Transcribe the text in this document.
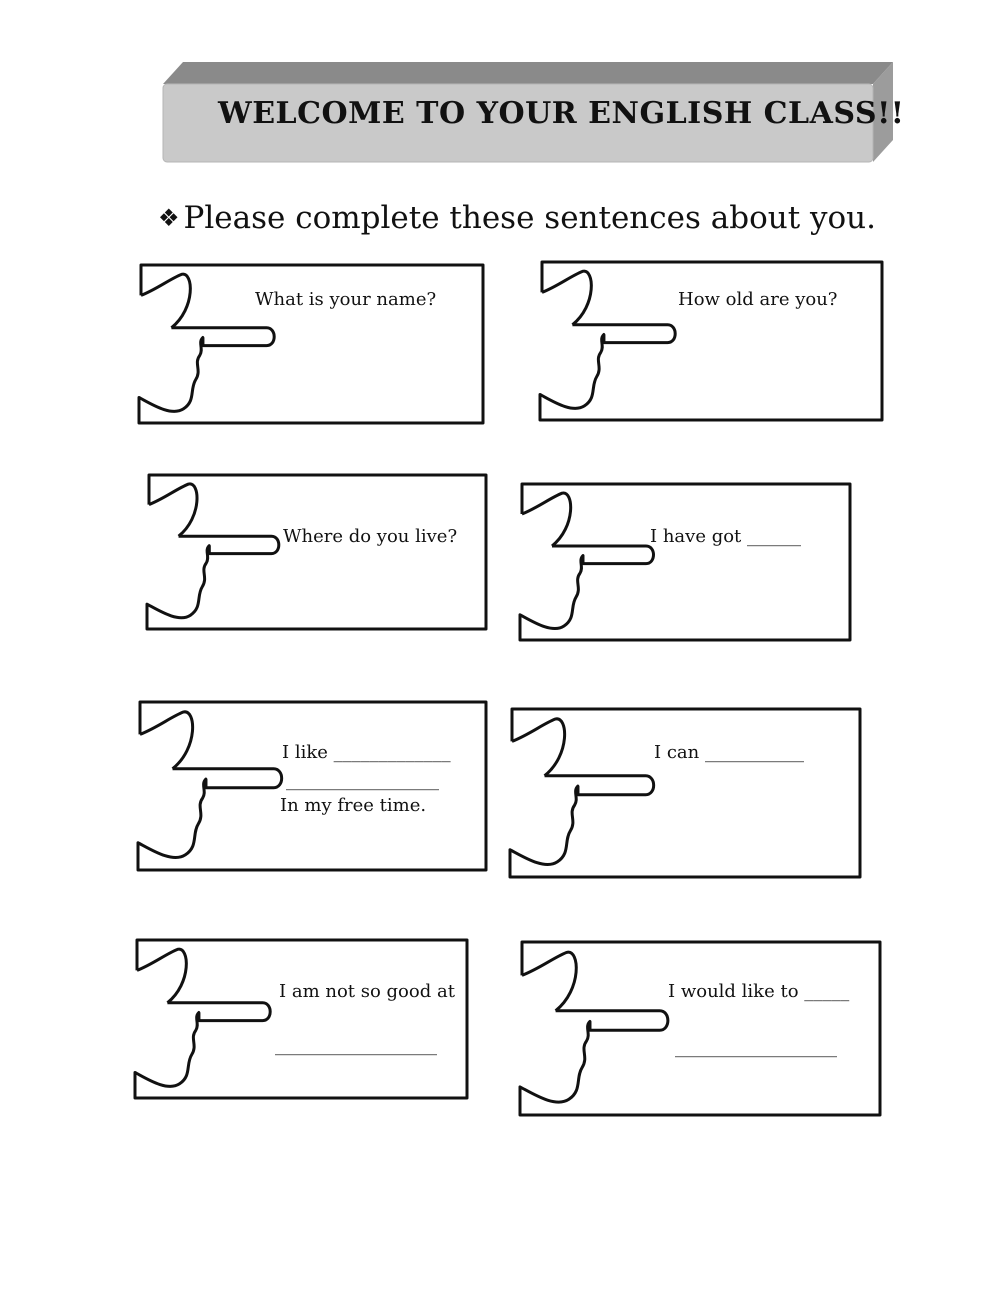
WELCOME TO YOUR ENGLISH CLASS!!
❖ Please complete these sentences about you.
What is your name?	How old are you?
Where do you live?	I have got ______
I like _____________
_________________
In my free time.
I can ___________
I am not so good at
__________________
I would like to _____
__________________
